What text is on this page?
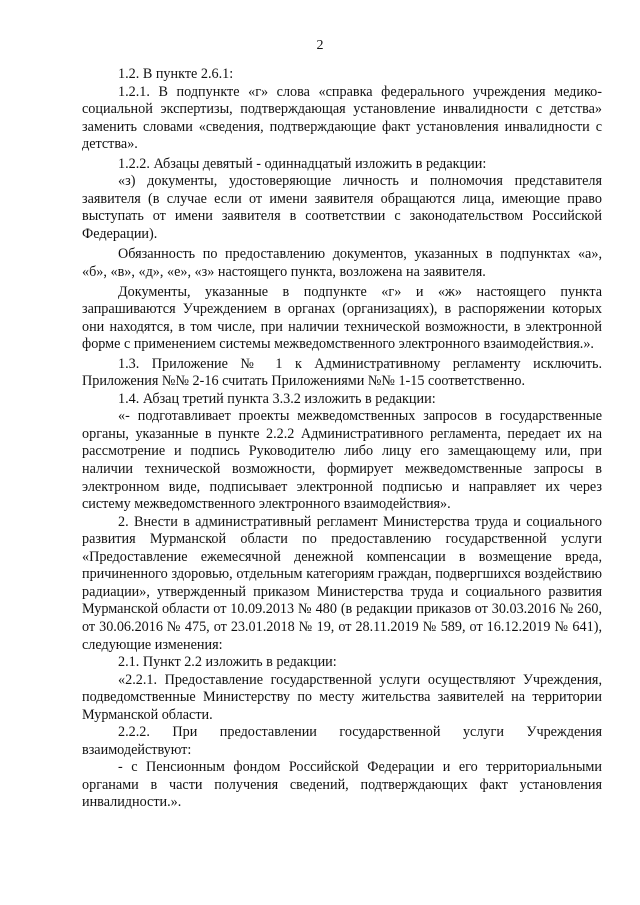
2

1.2. В пункте 2.6.1:

1.2.1. В подпункте «г» слова «справка федерального учреждения медико-социальной экспертизы, подтверждающая установление инвалидности с детства» заменить словами «сведения, подтверждающие факт установления инвалидности с детства».

1.2.2. Абзацы девятый - одиннадцатый изложить в редакции:

«з) документы, удостоверяющие личность и полномочия представителя заявителя (в случае если от имени заявителя обращаются лица, имеющие право выступать от имени заявителя в соответствии с законодательством Российской Федерации).

Обязанность по предоставлению документов, указанных в подпунктах «а», «б», «в», «д», «е», «з» настоящего пункта, возложена на заявителя.

Документы, указанные в подпункте «г» и «ж» настоящего пункта запрашиваются Учреждением в органах (организациях), в распоряжении которых они находятся, в том числе, при наличии технической возможности, в электронной форме с применением системы межведомственного электронного взаимодействия.».

1.3. Приложение № 1 к Административному регламенту исключить. Приложения №№ 2-16 считать Приложениями №№ 1-15 соответственно.

1.4. Абзац третий пункта 3.3.2 изложить в редакции:

«- подготавливает проекты межведомственных запросов в государственные органы, указанные в пункте 2.2.2 Административного регламента, передает их на рассмотрение и подпись Руководителю либо лицу его замещающему или, при наличии технической возможности, формирует межведомственные запросы в электронном виде, подписывает электронной подписью и направляет их через систему межведомственного электронного взаимодействия».

2. Внести в административный регламент Министерства труда и социального развития Мурманской области по предоставлению государственной услуги «Предоставление ежемесячной денежной компенсации в возмещение вреда, причиненного здоровью, отдельным категориям граждан, подвергшихся воздействию радиации», утвержденный приказом Министерства труда и социального развития Мурманской области от 10.09.2013 № 480 (в редакции приказов от 30.03.2016 № 260, от 30.06.2016 № 475, от 23.01.2018 № 19, от 28.11.2019 № 589, от 16.12.2019 № 641), следующие изменения:

2.1. Пункт 2.2 изложить в редакции:

«2.2.1. Предоставление государственной услуги осуществляют Учреждения, подведомственные Министерству по месту жительства заявителей на территории Мурманской области.

2.2.2. При предоставлении государственной услуги Учреждения взаимодействуют:

- с Пенсионным фондом Российской Федерации и его территориальными органами в части получения сведений, подтверждающих факт установления инвалидности.».
